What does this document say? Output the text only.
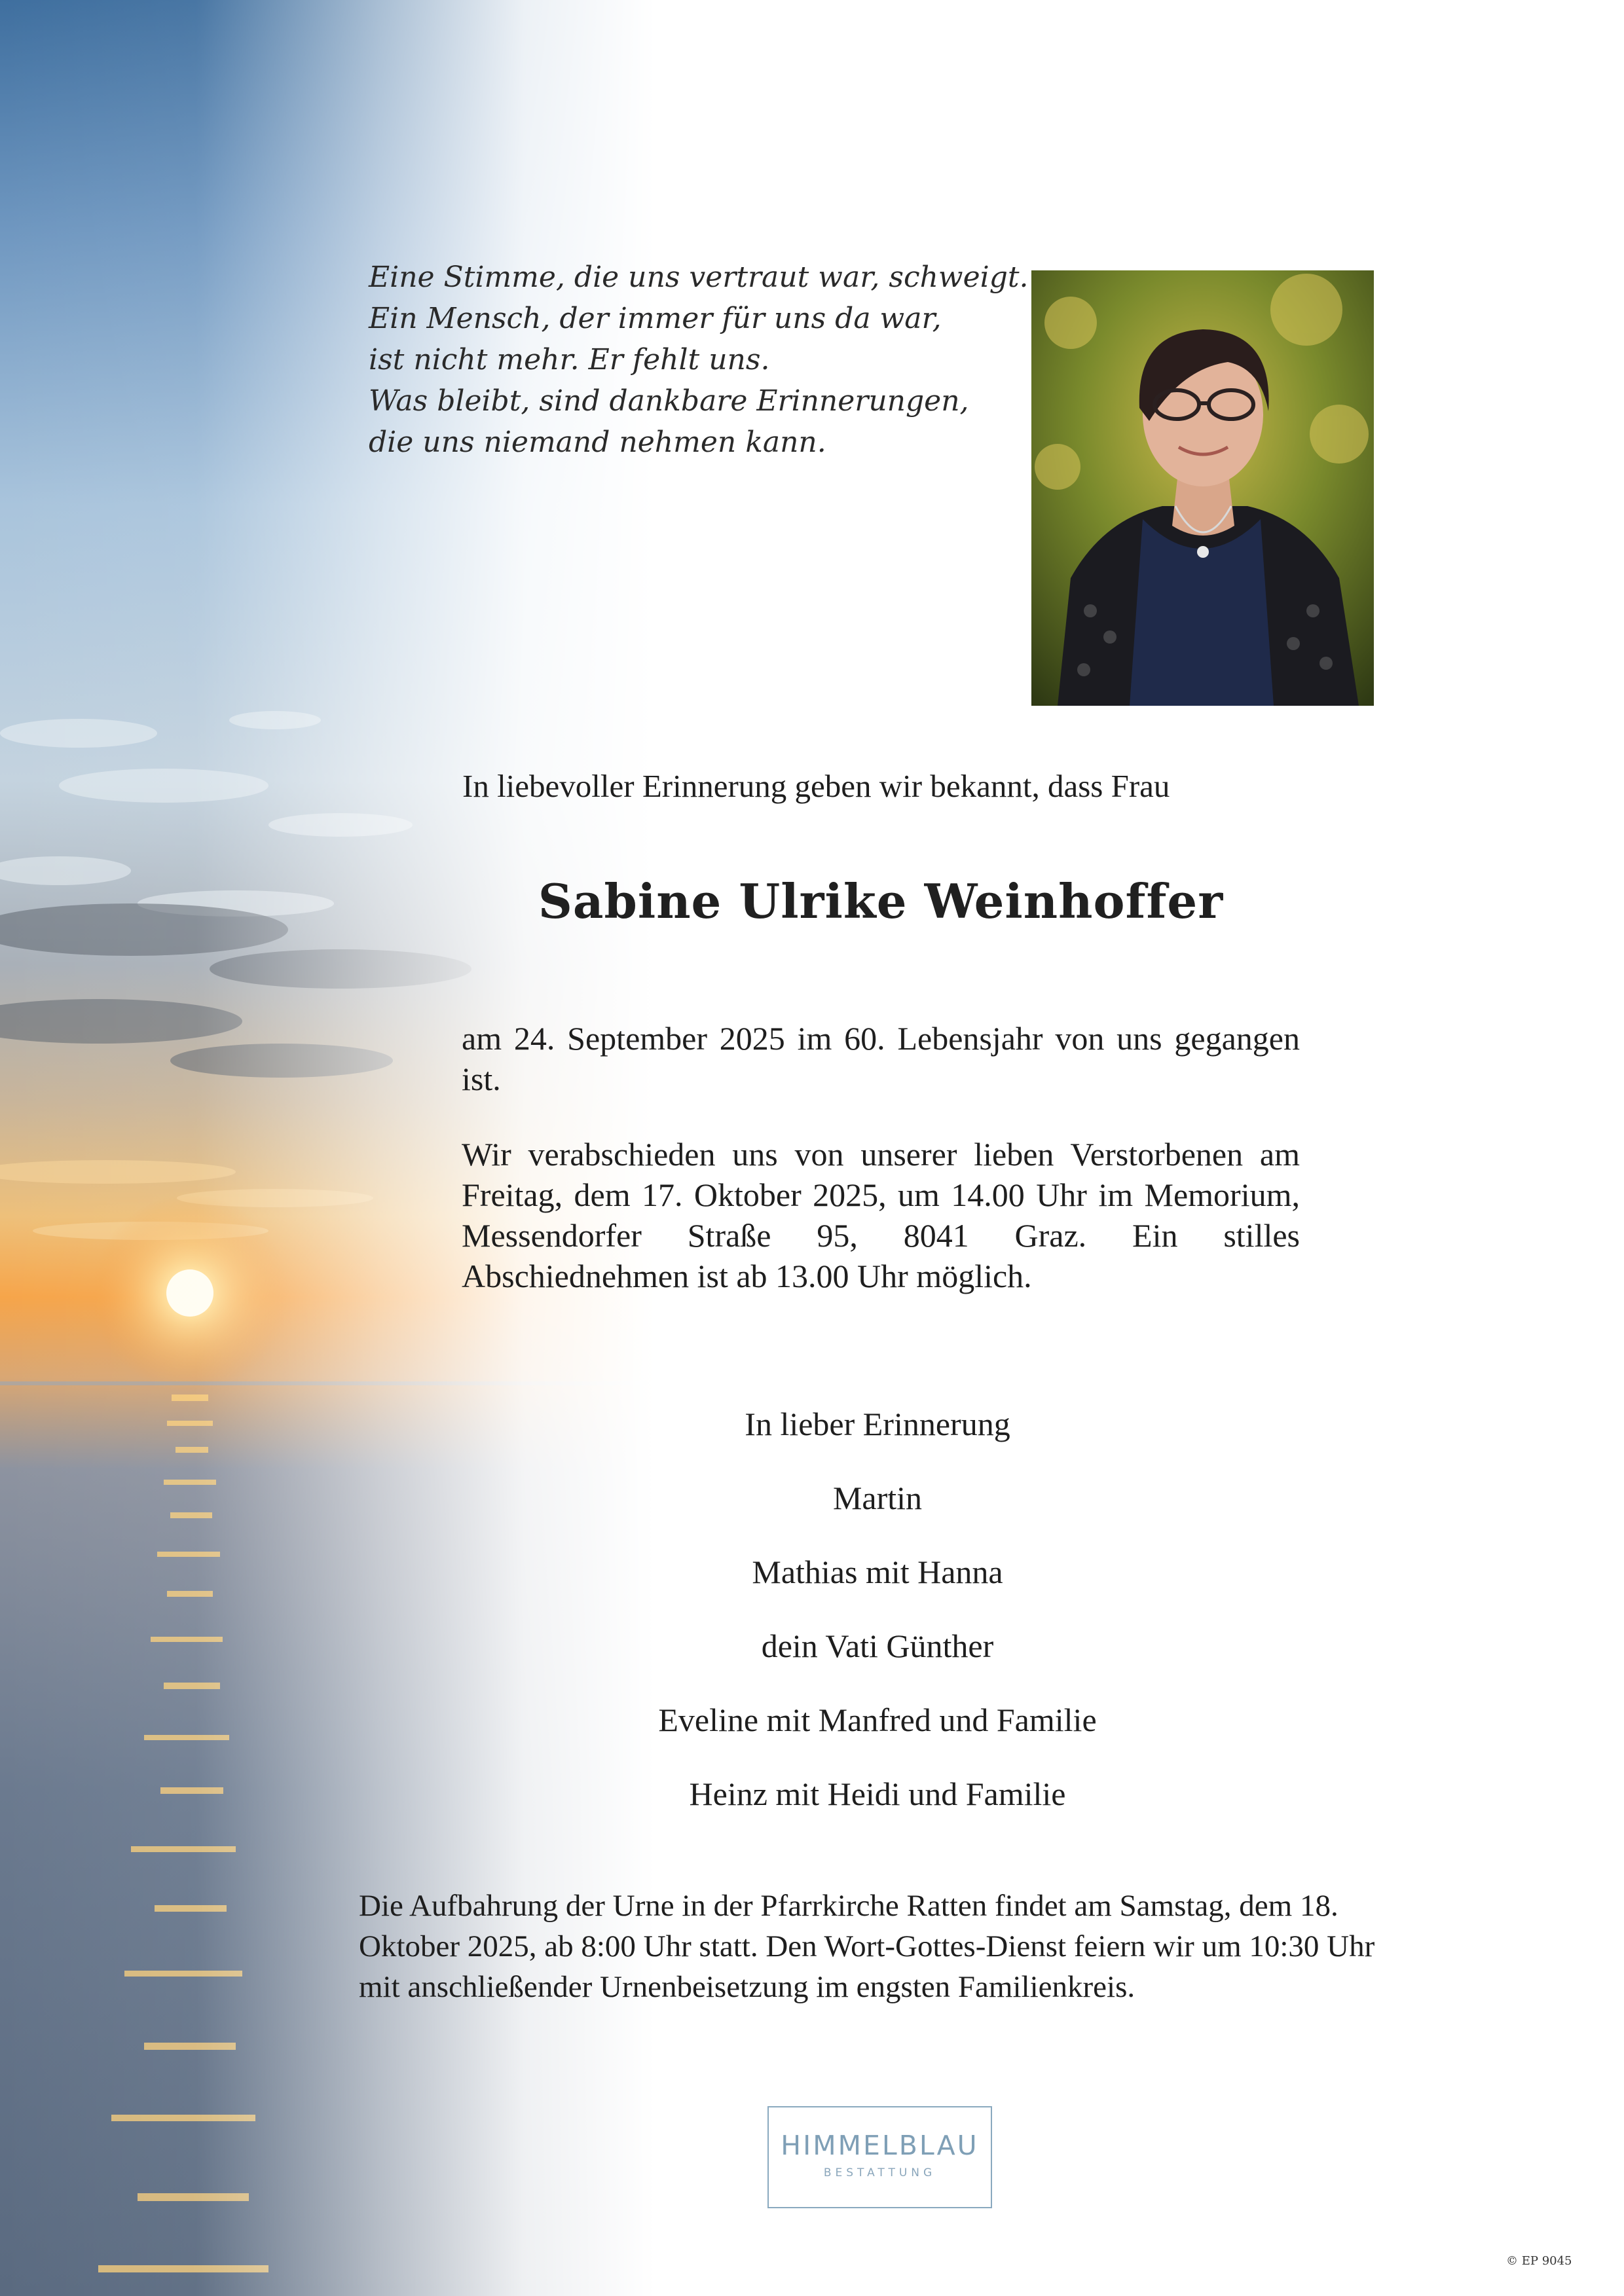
Eine Stimme, die uns vertraut war, schweigt.
Ein Mensch, der immer für uns da war,
ist nicht mehr. Er fehlt uns.
Was bleibt, sind dankbare Erinnerungen,
die uns niemand nehmen kann.
In liebevoller Erinnerung geben wir bekannt, dass Frau
Sabine Ulrike Weinhoffer
am 24. September 2025 im 60. Lebensjahr von uns gegangen ist.
Wir verabschieden uns von unserer lieben Verstorbenen am Freitag, dem 17. Oktober 2025, um 14.00 Uhr im Memorium, Messendorfer Straße 95, 8041 Graz. Ein stilles Abschiednehmen ist ab 13.00 Uhr möglich.
In lieber Erinnerung
Martin
Mathias mit Hanna
dein Vati Günther
Eveline mit Manfred und Familie
Heinz mit Heidi und Familie
Die Aufbahrung der Urne in der Pfarrkirche Ratten findet am Samstag, dem 18. Oktober 2025, ab 8:00 Uhr statt. Den Wort-Gottes-Dienst feiern wir um 10:30 Uhr mit anschließender Urnenbeisetzung im engsten Familienkreis.
HIMMELBLAU
BESTATTUNG
© EP 9045
